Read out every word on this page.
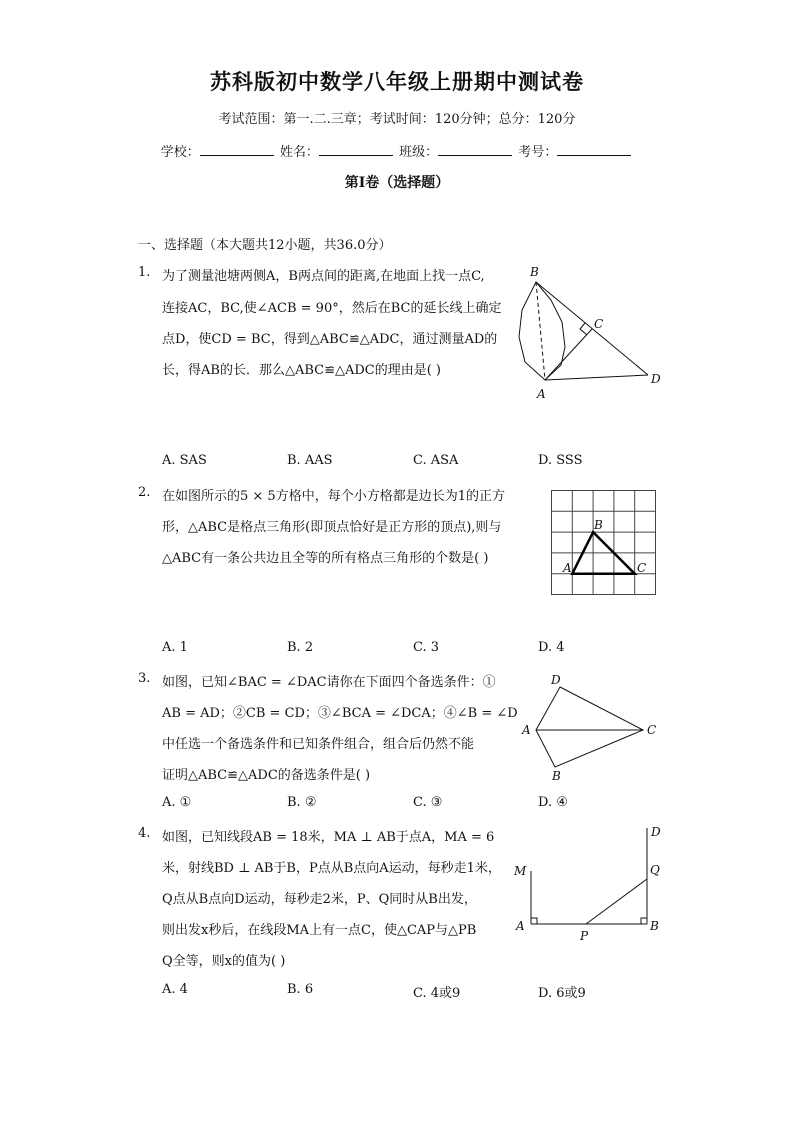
苏科版初中数学八年级上册期中测试卷
考试范围：第一.二.三章；考试时间：120分钟；总分：120分
学校：	姓名：	班级：	考号：
第Ⅰ卷（选择题）
一、选择题（本大题共12小题，共36.0分）
1. 为了测量池塘两侧A，B两点间的距离,在地面上找一点C,
连接AC，BC,使∠ACB = 90°，然后在BC的延长线上确定
点D，使CD = BC，得到△ABC≌△ADC，通过测量AD的
长，得AB的长．那么△ABC≌△ADC的理由是( )
A. SAS	B. AAS	C. ASA	D. SSS
B
C
D
A
2. 在如图所示的5 × 5方格中，每个小方格都是边长为1的正方
形，△ABC是格点三角形(即顶点恰好是正方形的顶点),则与
△ABC有一条公共边且全等的所有格点三角形的个数是( )
A. 1	B. 2	C. 3	D. 4
A
B
C
3. 如图，已知∠BAC = ∠DAC请你在下面四个备选条件：①
AB = AD；②CB = CD；③∠BCA = ∠DCA；④∠B = ∠D
中任选一个备选条件和已知条件组合，组合后仍然不能
证明△ABC≌△ADC的备选条件是( )
A. ①	B. ②	C. ③	D. ④
D
A	C
B
4. 如图，已知线段AB = 18米，MA ⊥ AB于点A，MA = 6
米，射线BD ⊥ AB于B，P点从B点向A运动，每秒走1米，
Q点从B点向D运动，每秒走2米，P、Q同时从B出发，
则出发x秒后，在线段MA上有一点C，使△CAP与△PB
Q全等，则x的值为( )
A. 4	B. 6	C. 4或9	D. 6或9
D
Q
M
A
P
B
